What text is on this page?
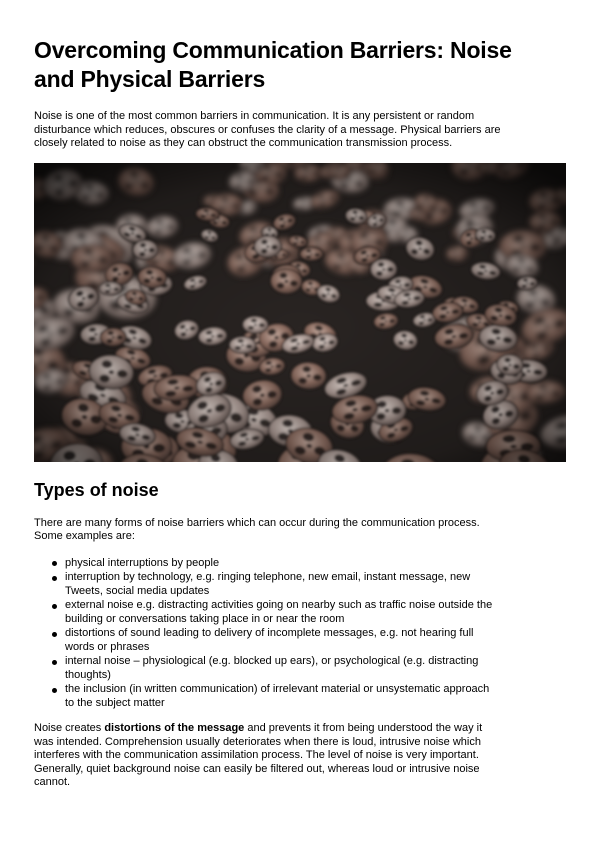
Overcoming Communication Barriers: Noise and Physical Barriers

Noise is one of the most common barriers in communication. It is any persistent or random disturbance which reduces, obscures or confuses the clarity of a message. Physical barriers are closely related to noise as they can obstruct the communication transmission process.

Types of noise

There are many forms of noise barriers which can occur during the communication process. Some examples are:

physical interruptions by people
interruption by technology, e.g. ringing telephone, new email, instant message, new Tweets, social media updates
external noise e.g. distracting activities going on nearby such as traffic noise outside the building or conversations taking place in or near the room
distortions of sound leading to delivery of incomplete messages, e.g. not hearing full words or phrases
internal noise – physiological (e.g. blocked up ears), or psychological (e.g. distracting thoughts)
the inclusion (in written communication) of irrelevant material or unsystematic approach to the subject matter

Noise creates distortions of the message and prevents it from being understood the way it was intended. Comprehension usually deteriorates when there is loud, intrusive noise which interferes with the communication assimilation process. The level of noise is very important. Generally, quiet background noise can easily be filtered out, whereas loud or intrusive noise cannot.
